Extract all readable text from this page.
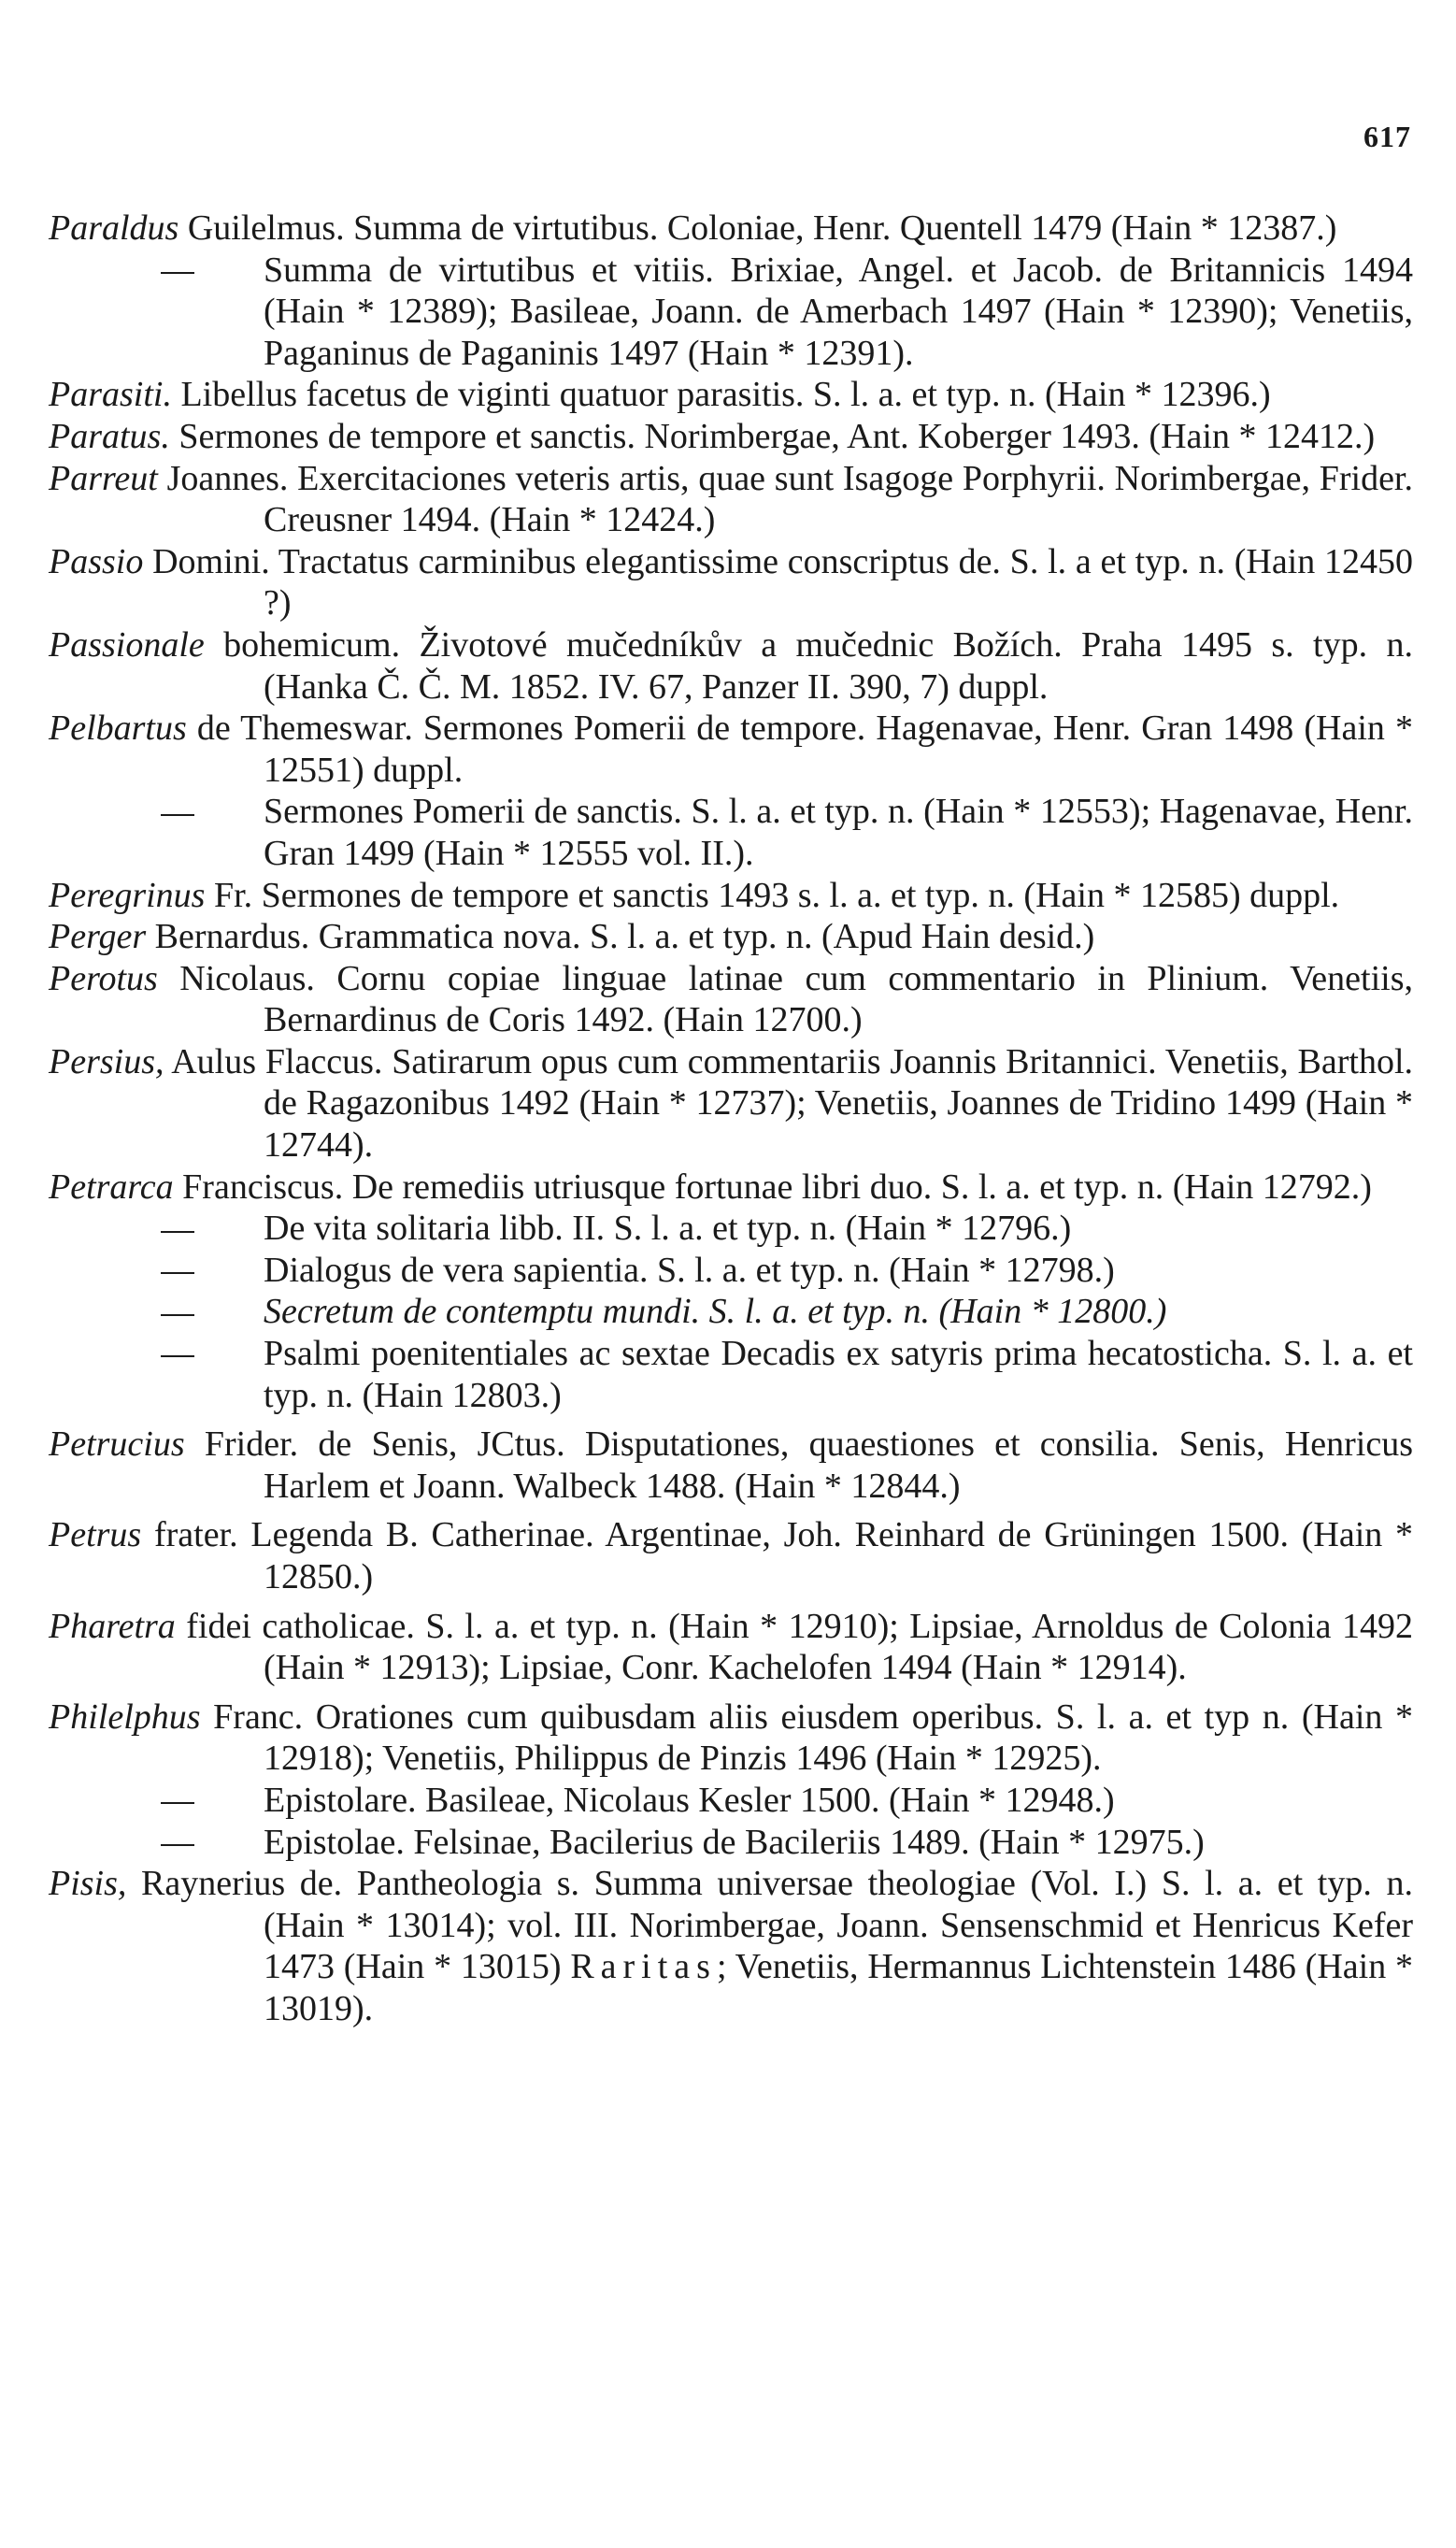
617

Paraldus Guilelmus. Summa de virtutibus. Coloniae, Henr. Quentell 1479 (Hain * 12387.)

Summa de virtutibus et vitiis. Brixiae, Angel. et Jacob. de Britannicis 1494 (Hain * 12389); Basileae, Joann. de Amerbach 1497 (Hain * 12390); Venetiis, Paganinus de Paganinis 1497 (Hain * 12391).

Parasiti. Libellus facetus de viginti quatuor parasitis. S. l. a. et typ. n. (Hain * 12396.)

Paratus. Sermones de tempore et sanctis. Norimbergae, Ant. Koberger 1493. (Hain * 12412.)

Parreut Joannes. Exercitaciones veteris artis, quae sunt Isagoge Porphyrii. Norimbergae, Frider. Creusner 1494. (Hain * 12424.)

Passio Domini. Tractatus carminibus elegantissime conscriptus de. S. l. a et typ. n. (Hain 12450 ?)

Passionale bohemicum. Životové mučedníkův a mučednic Božích. Praha 1495 s. typ. n. (Hanka Č. Č. M. 1852. IV. 67, Panzer II. 390, 7) duppl.

Pelbartus de Themeswar. Sermones Pomerii de tempore. Hagenavae, Henr. Gran 1498 (Hain * 12551) duppl.

Sermones Pomerii de sanctis. S. l. a. et typ. n. (Hain * 12553); Hagenavae, Henr. Gran 1499 (Hain * 12555 vol. II.).

Peregrinus Fr. Sermones de tempore et sanctis 1493 s. l. a. et typ. n. (Hain * 12585) duppl.

Perger Bernardus. Grammatica nova. S. l. a. et typ. n. (Apud Hain desid.)

Perotus Nicolaus. Cornu copiae linguae latinae cum commentario in Plinium. Venetiis, Bernardinus de Coris 1492. (Hain 12700.)

Persius, Aulus Flaccus. Satirarum opus cum commentariis Joannis Britannici. Venetiis, Barthol. de Ragazonibus 1492 (Hain * 12737); Venetiis, Joannes de Tridino 1499 (Hain * 12744).

Petrarca Franciscus. De remediis utriusque fortunae libri duo. S. l. a. et typ. n. (Hain 12792.)

De vita solitaria libb. II. S. l. a. et typ. n. (Hain * 12796.)

Dialogus de vera sapientia. S. l. a. et typ. n. (Hain * 12798.)

Secretum de contemptu mundi. S. l. a. et typ. n. (Hain * 12800.)

Psalmi poenitentiales ac sextae Decadis ex satyris prima hecatosticha. S. l. a. et typ. n. (Hain 12803.)

Petrucius Frider. de Senis, JCtus. Disputationes, quaestiones et consilia. Senis, Henricus Harlem et Joann. Walbeck 1488. (Hain * 12844.)

Petrus frater. Legenda B. Catherinae. Argentinae, Joh. Reinhard de Grüningen 1500. (Hain * 12850.)

Pharetra fidei catholicae. S. l. a. et typ. n. (Hain * 12910); Lipsiae, Arnoldus de Colonia 1492 (Hain * 12913); Lipsiae, Conr. Kachelofen 1494 (Hain * 12914).

Philelphus Franc. Orationes cum quibusdam aliis eiusdem operibus. S. l. a. et typ n. (Hain * 12918); Venetiis, Philippus de Pinzis 1496 (Hain * 12925).

Epistolare. Basileae, Nicolaus Kesler 1500. (Hain * 12948.)

Epistolae. Felsinae, Bacilerius de Bacileriis 1489. (Hain * 12975.)

Pisis, Raynerius de. Pantheologia s. Summa universae theologiae (Vol. I.) S. l. a. et typ. n. (Hain * 13014); vol. III. Norimbergae, Joann. Sensenschmid et Henricus Kefer 1473 (Hain * 13015) Raritas; Venetiis, Hermannus Lichtenstein 1486 (Hain * 13019).
